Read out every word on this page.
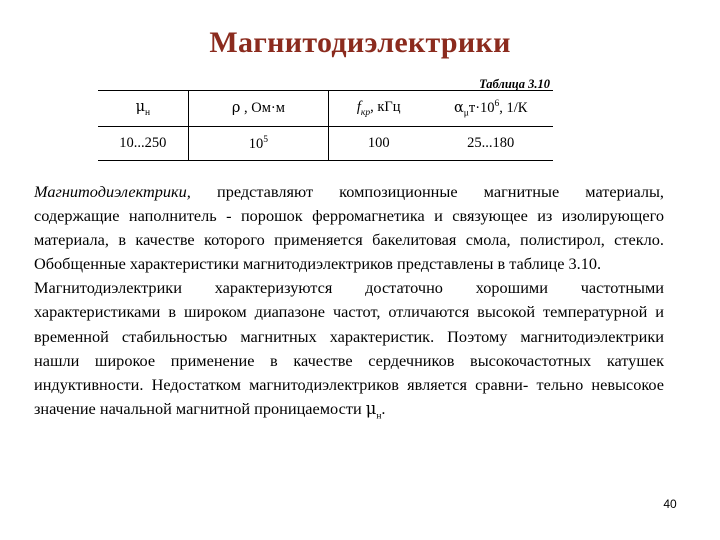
Магнитодиэлектрики
Таблица 3.10
$\mu_н$	ρ , Ом·м	$f_{кр}$, кГц	$\alpha_\mu т\cdot 10^6$, 1/К
10...250	$10^5$	100	25...180
Магнитодиэлектрики, представляют композиционные магнитные материалы, содержащие наполнитель - порошок ферромагнетика и связующее из изолирующего материала, в качестве которого применяется бакелитовая смола, полистирол, стекло. Обобщенные характеристики магнитодиэлектриков представлены в таблице 3.10.
Магнитодиэлектрики характеризуются достаточно хорошими частотными характеристиками в широком диапазоне частот, отличаются высокой температурной и временной стабильностью магнитных характеристик. Поэтому магнитодиэлектрики нашли широкое применение в качестве сердечников высокочастотных катушек индуктивности. Недостатком магнитодиэлектриков является сравни- тельно невысокое значение начальной магнитной проницаемости $\mu_н$.
40
